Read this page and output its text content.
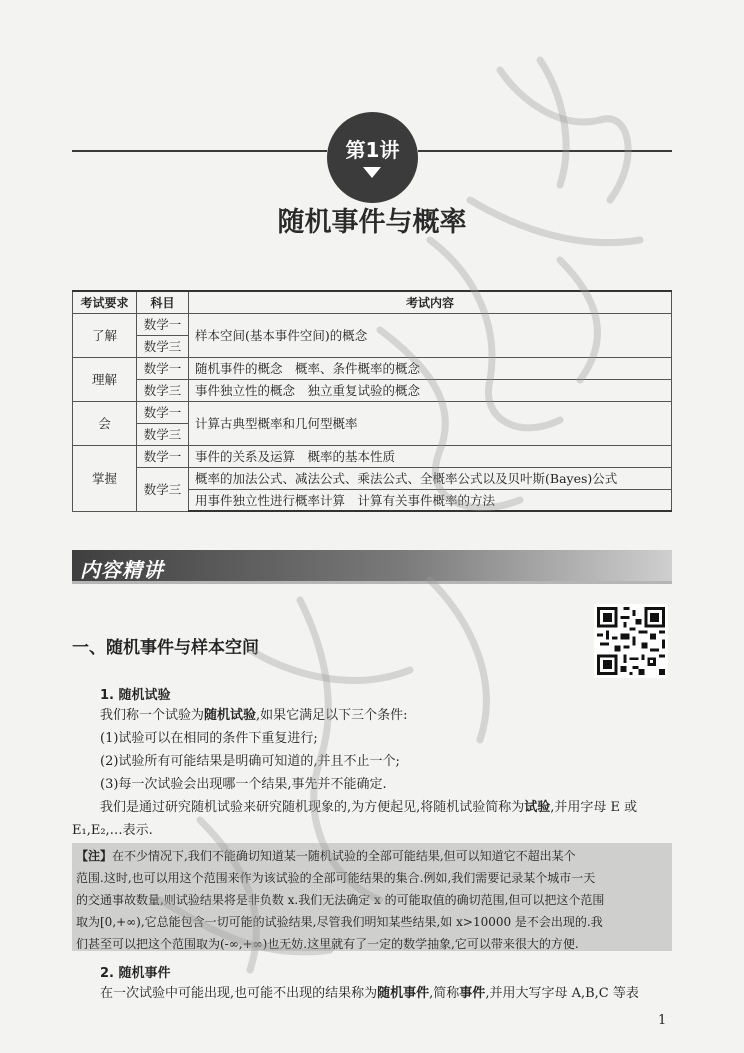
第1讲
随机事件与概率
考试要求	科目	考试内容
了解	数学一	样本空间(基本事件空间)的概念
	数学三	
理解	数学一	随机事件的概念　概率、条件概率的概念
	数学三	事件独立性的概念　独立重复试验的概念
会	数学一	计算古典型概率和几何型概率
	数学三	
掌握	数学一	事件的关系及运算　概率的基本性质
	数学三	概率的加法公式、减法公式、乘法公式、全概率公式以及贝叶斯(Bayes)公式
		用事件独立性进行概率计算　计算有关事件概率的方法
内容精讲
一、随机事件与样本空间
1. 随机试验
我们称一个试验为随机试验,如果它满足以下三个条件:
(1)试验可以在相同的条件下重复进行;
(2)试验所有可能结果是明确可知道的,并且不止一个;
(3)每一次试验会出现哪一个结果,事先并不能确定.
我们是通过研究随机试验来研究随机现象的,为方便起见,将随机试验简称为试验,并用字母 E 或
E₁,E₂,…表示.
【注】在不少情况下,我们不能确切知道某一随机试验的全部可能结果,但可以知道它不超出某个
范围.这时,也可以用这个范围来作为该试验的全部可能结果的集合.例如,我们需要记录某个城市一天
的交通事故数量,则试验结果将是非负数 x.我们无法确定 x 的可能取值的确切范围,但可以把这个范围
取为[0,+∞),它总能包含一切可能的试验结果,尽管我们明知某些结果,如 x>10000 是不会出现的.我
们甚至可以把这个范围取为(-∞,+∞)也无妨.这里就有了一定的数学抽象,它可以带来很大的方便.
2. 随机事件
在一次试验中可能出现,也可能不出现的结果称为随机事件,简称事件,并用大写字母 A,B,C 等表
1
